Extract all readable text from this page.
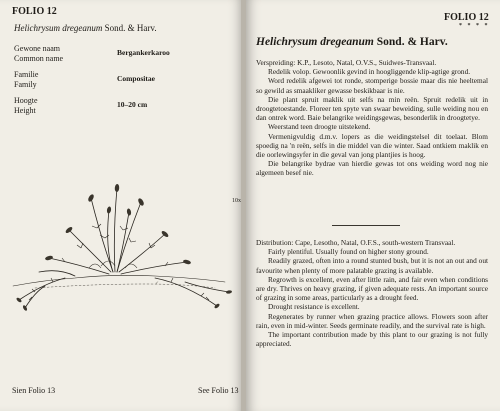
FOLIO 12
Helichrysum dregeanum Sond. & Harv.
Gewone naam
Common name
Bergankerkaroo
Familie
Family
Compositae
Hoogte
Height
10–20 cm
✓
10x
Sien Folio 13
FOLIO 12
* * * *
Helichrysum dregeanum Sond. & Harv.

Verspreiding: K.P., Lesoto, Natal, O.V.S., Suidwes-Transvaal.

Redelik volop. Gewoonlik gevind in hoogliggende klip-agtige grond.

Word redelik afgewei tot ronde, stomperige bossie maar dis nie heeltemal so gewild as smaakliker gewasse beskikbaar is nie.

Die plant spruit maklik uit selfs na min reën. Spruit redelik uit in droogtetoestande. Floreer ten spyte van swaar beweiding, sulle weiding nou en dan ontrek word. Baie belangrike weidingsgewas, besonderlik in droogtetye.

Weerstand teen droogte uitstekend.

Vermenigvuldig d.m.v. lopers as die weidingstelsel dit toelaat. Blom spoedig na 'n reën, selfs in die middel van die winter. Saad ontkiem maklik en die oorlewingsyfer in die geval van jong plantjies is hoog.

Die belangrike bydrae van hierdie gewas tot ons weiding word nog nie algemeen besef nie.

Distribution: Cape, Lesotho, Natal, O.F.S., south-western Transvaal.

Fairly plentiful. Usually found on higher stony ground.

Readily grazed, often into a round stunted bush, but it is not an out and out favourite when plenty of more palatable grazing is available.

Regrowth is excellent, even after little rain, and fair even when conditions are dry. Thrives on heavy grazing, if given adequate rests. An important source of grazing in some areas, particularly as a drought feed.

Drought resistance is excellent.

Regenerates by runner when grazing practice allows. Flowers soon after rain, even in mid-winter. Seeds germinate readily, and the survival rate is high.

The important contribution made by this plant to our grazing is not fully appreciated.

See Folio 13
